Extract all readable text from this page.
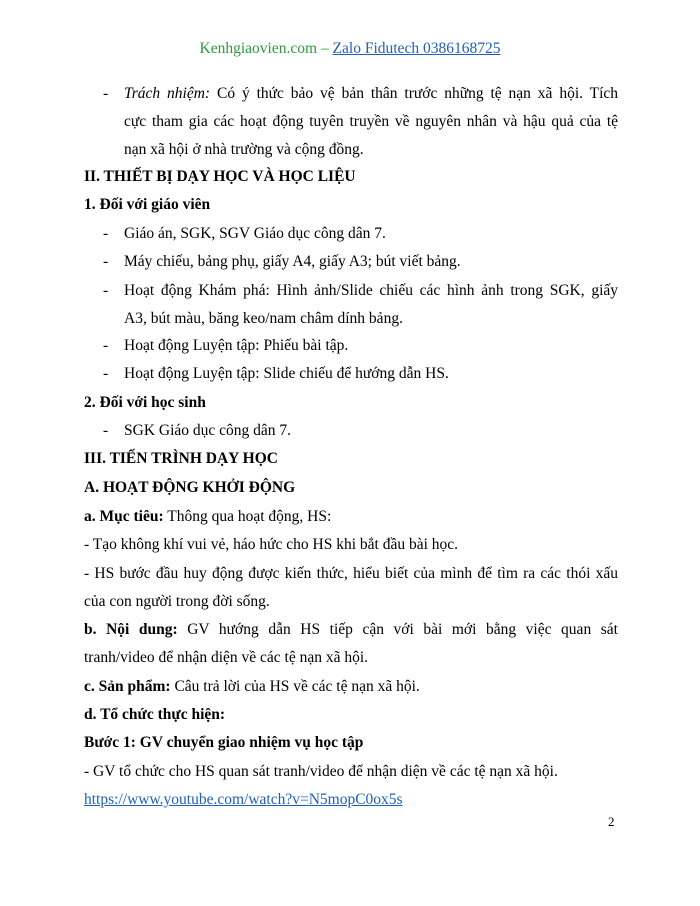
Kenhgiaovien.com – Zalo Fidutech 0386168725
- Trách nhiệm: Có ý thức bảo vệ bản thân trước những tệ nạn xã hội. Tích
cực tham gia các hoạt động tuyên truyền về nguyên nhân và hậu quả của tệ
nạn xã hội ở nhà trường và cộng đồng.
II. THIẾT BỊ DẠY HỌC VÀ HỌC LIỆU
1. Đối với giáo viên
- Giáo án, SGK, SGV Giáo dục công dân 7.
- Máy chiếu, bảng phụ, giấy A4, giấy A3; bút viết bảng.
- Hoạt động Khám phá: Hình ảnh/Slide chiếu các hình ảnh trong SGK, giấy
A3, bút màu, băng keo/nam châm dính bảng.
- Hoạt động Luyện tập: Phiếu bài tập.
- Hoạt động Luyện tập: Slide chiếu để hướng dẫn HS.
2. Đối với học sinh
- SGK Giáo dục công dân 7.
III. TIẾN TRÌNH DẠY HỌC
A. HOẠT ĐỘNG KHỞI ĐỘNG
a. Mục tiêu: Thông qua hoạt động, HS:
- Tạo không khí vui vẻ, háo hức cho HS khi bắt đầu bài học.
- HS bước đầu huy động được kiến thức, hiểu biết của mình để tìm ra các thói xấu
của con người trong đời sống.
b. Nội dung: GV hướng dẫn HS tiếp cận với bài mới bằng việc quan sát
tranh/video để nhận diện về các tệ nạn xã hội.
c. Sản phẩm: Câu trả lời của HS về các tệ nạn xã hội.
d. Tổ chức thực hiện:
Bước 1: GV chuyển giao nhiệm vụ học tập
- GV tổ chức cho HS quan sát tranh/video để nhận diện về các tệ nạn xã hội.
https://www.youtube.com/watch?v=N5mopC0ox5s
2
